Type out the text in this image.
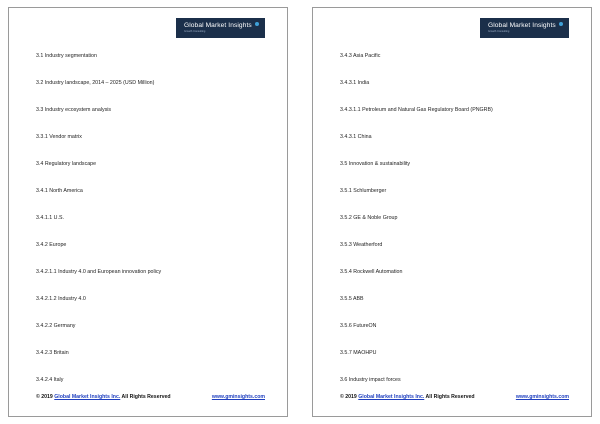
Global Market Insights
Growth Consulting
3.1 Industry segmentation
3.2 Industry landscape, 2014 – 2025 (USD Million)
3.3 Industry ecosystem analysis
3.3.1 Vendor matrix
3.4 Regulatory landscape
3.4.1 North America
3.4.1.1 U.S.
3.4.2 Europe
3.4.2.1.1 Industry 4.0 and European innovation policy
3.4.2.1.2 Industry 4.0
3.4.2.2 Germany
3.4.2.3 Britain
3.4.2.4 Italy
© 2019 Global Market Insights Inc. All Rights Reserved	www.gminsights.com
Global Market Insights
Growth Consulting
3.4.3 Asia Pacific
3.4.3.1 India
3.4.3.1.1 Petroleum and Natural Gas Regulatory Board (PNGRB)
3.4.3.1 China
3.5 Innovation & sustainability
3.5.1 Schlumberger
3.5.2 GE & Noble Group
3.5.3 Weatherford
3.5.4 Rockwell Automation
3.5.5 ABB
3.5.6 FutureON
3.5.7 MAOHPU
3.6 Industry impact forces
© 2019 Global Market Insights Inc. All Rights Reserved	www.gminsights.com
